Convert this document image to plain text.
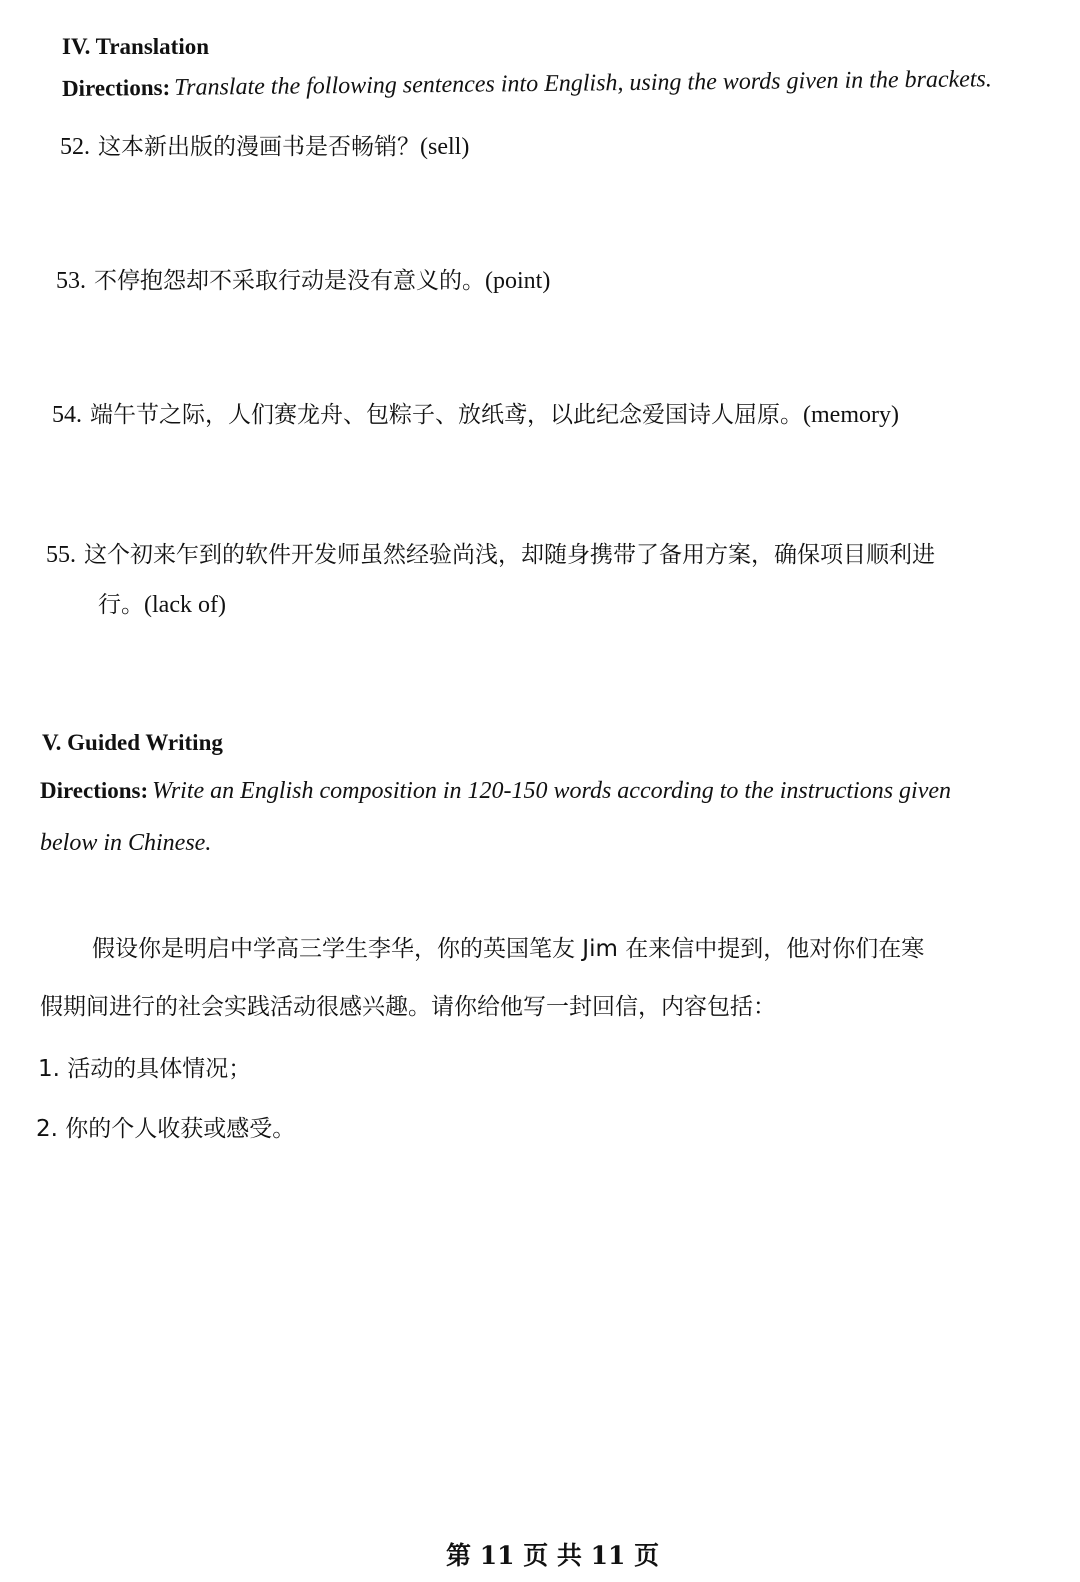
IV. Translation
Directions: Translate the following sentences into English, using the words given in the brackets.
52. 这本新出版的漫画书是否畅销？(sell)
53. 不停抱怨却不采取行动是没有意义的。(point)
54. 端午节之际，人们赛龙舟、包粽子、放纸鸢，以此纪念爱国诗人屈原。(memory)
55. 这个初来乍到的软件开发师虽然经验尚浅，却随身携带了备用方案，确保项目顺利进
行。(lack of)
V. Guided Writing
Directions: Write an English composition in 120-150 words according to the instructions given
below in Chinese.
假设你是明启中学高三学生李华，你的英国笔友 Jim 在来信中提到，他对你们在寒
假期间进行的社会实践活动很感兴趣。请你给他写一封回信，内容包括：
1. 活动的具体情况；
2. 你的个人收获或感受。
第 11 页 共 11 页
